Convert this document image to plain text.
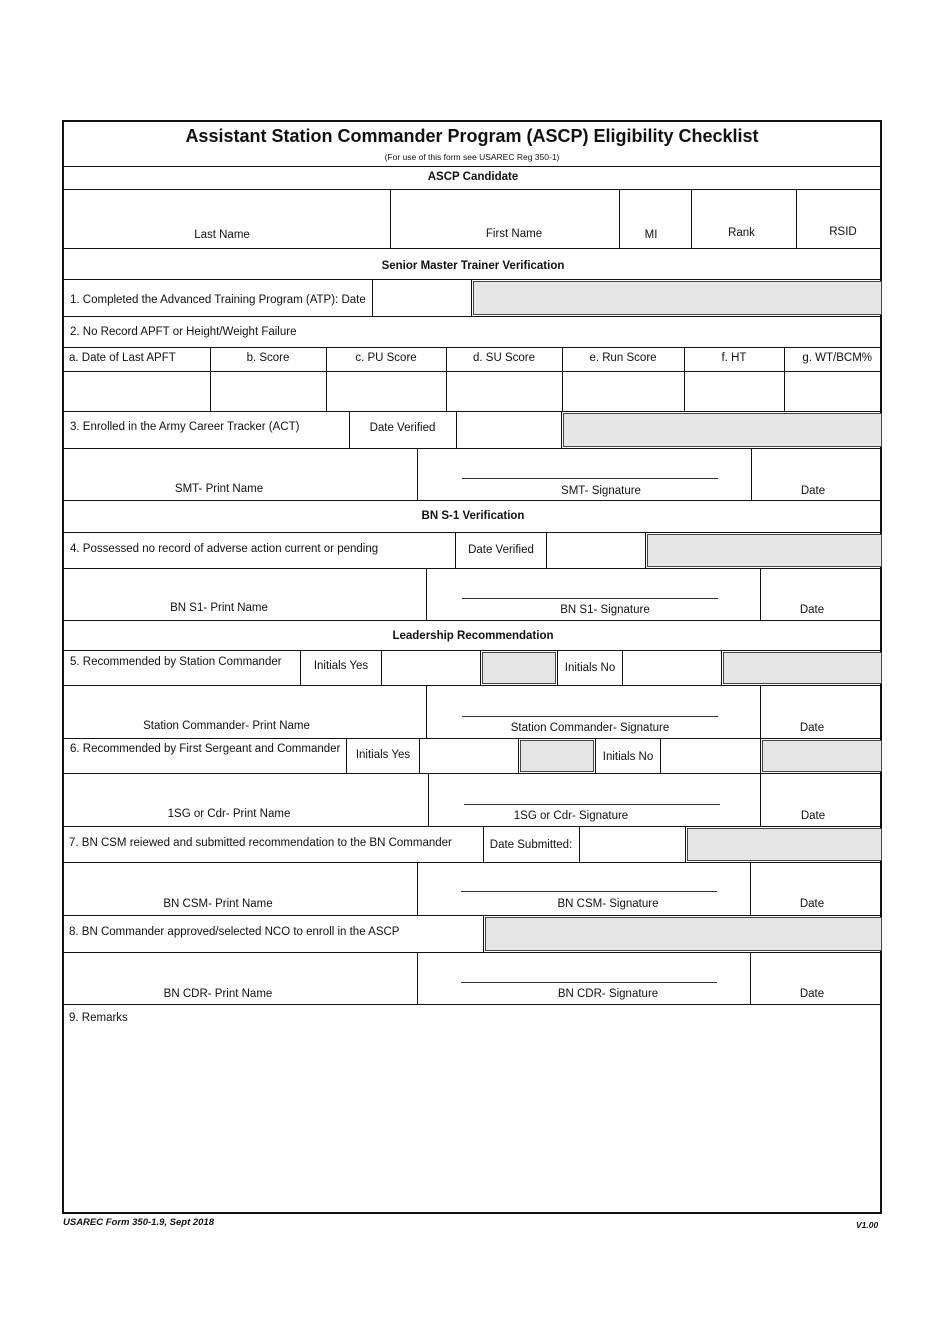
Assistant Station Commander Program (ASCP) Eligibility Checklist
(For use of this form see USAREC Reg 350-1)
ASCP Candidate
Last Name	First Name	MI	Rank	RSID
Senior Master Trainer Verification
1. Completed the Advanced Training Program (ATP): Date
2. No Record APFT or Height/Weight Failure
a. Date of Last APFT	b. Score	c. PU Score	d. SU Score	e. Run Score	f. HT	g. WT/BCM%
3. Enrolled in the Army Career Tracker (ACT)	Date Verified
SMT- Print Name	SMT- Signature	Date
BN S-1 Verification
4. Possessed no record of adverse action current or pending	Date Verified
BN S1- Print Name	BN S1- Signature	Date
Leadership Recommendation
5. Recommended by Station Commander	Initials Yes	Initials No
Station Commander- Print Name	Station Commander- Signature	Date
6. Recommended by First Sergeant and Commander	Initials Yes	Initials No
1SG or Cdr- Print Name	1SG or Cdr- Signature	Date
7. BN CSM reiewed and submitted recommendation to the BN Commander	Date Submitted:
BN CSM- Print Name	BN CSM- Signature	Date
8. BN Commander approved/selected NCO to enroll in the ASCP
BN CDR- Print Name	BN CDR- Signature	Date
9. Remarks
USAREC Form 350-1.9, Sept 2018	V1.00
